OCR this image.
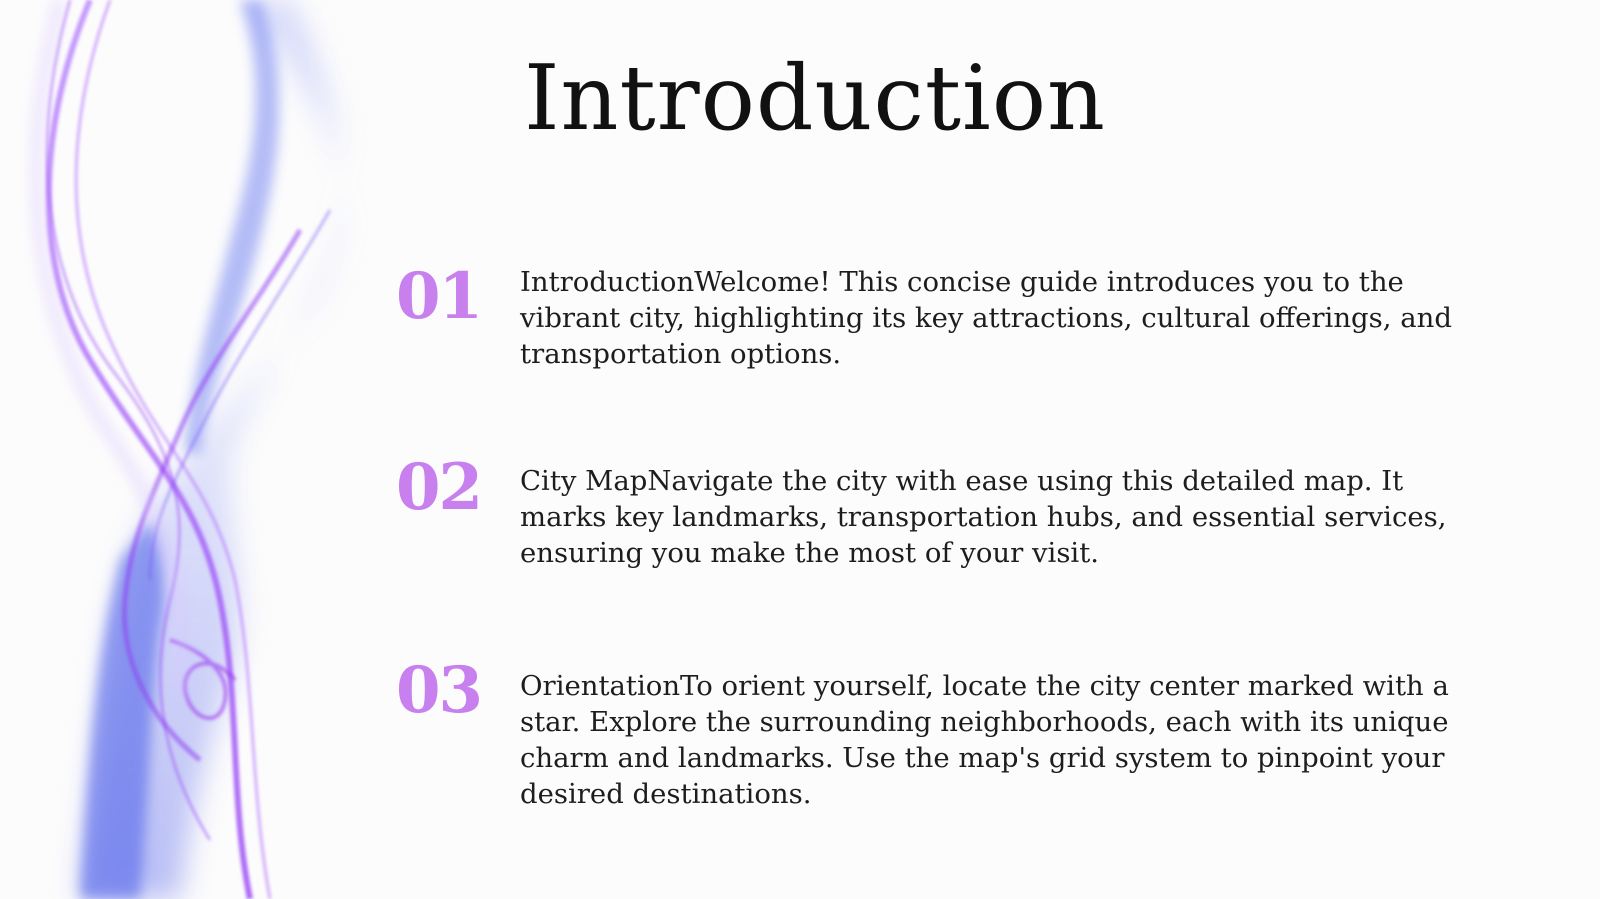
Introduction
01 IntroductionWelcome! This concise guide introduces you to the vibrant city, highlighting its key attractions, cultural offerings, and transportation options.
02 City MapNavigate the city with ease using this detailed map. It marks key landmarks, transportation hubs, and essential services, ensuring you make the most of your visit.
03 OrientationTo orient yourself, locate the city center marked with a star. Explore the surrounding neighborhoods, each with its unique charm and landmarks. Use the map's grid system to pinpoint your desired destinations.
